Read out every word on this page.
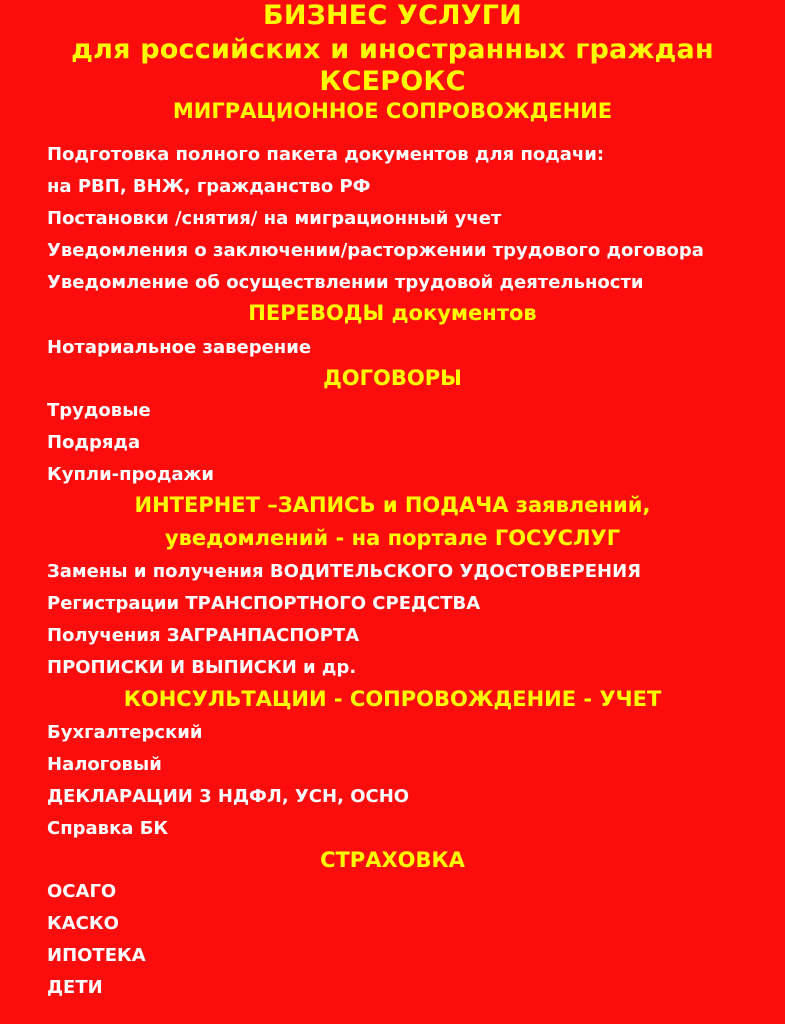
БИЗНЕС УСЛУГИ
для российских и иностранных граждан
КСЕРОКС
МИГРАЦИОННОЕ СОПРОВОЖДЕНИЕ
Подготовка полного пакета документов для подачи:
на РВП, ВНЖ, гражданство РФ
Постановки /снятия/ на миграционный учет
Уведомления о заключении/расторжении трудового договора
Уведомление об осуществлении трудовой деятельности
ПЕРЕВОДЫ документов
Нотариальное заверение
ДОГОВОРЫ
Трудовые
Подряда
Купли-продажи
ИНТЕРНЕТ –ЗАПИСЬ и ПОДАЧА заявлений,
уведомлений - на портале ГОСУСЛУГ
Замены и получения ВОДИТЕЛЬСКОГО УДОСТОВЕРЕНИЯ
Регистрации ТРАНСПОРТНОГО СРЕДСТВА
Получения ЗАГРАНПАСПОРТА
ПРОПИСКИ И ВЫПИСКИ и др.
КОНСУЛЬТАЦИИ - СОПРОВОЖДЕНИЕ - УЧЕТ
Бухгалтерский
Налоговый
ДЕКЛАРАЦИИ 3 НДФЛ, УСН, ОСНО
Справка БК
СТРАХОВКА
ОСАГО
КАСКО
ИПОТЕКА
ДЕТИ
